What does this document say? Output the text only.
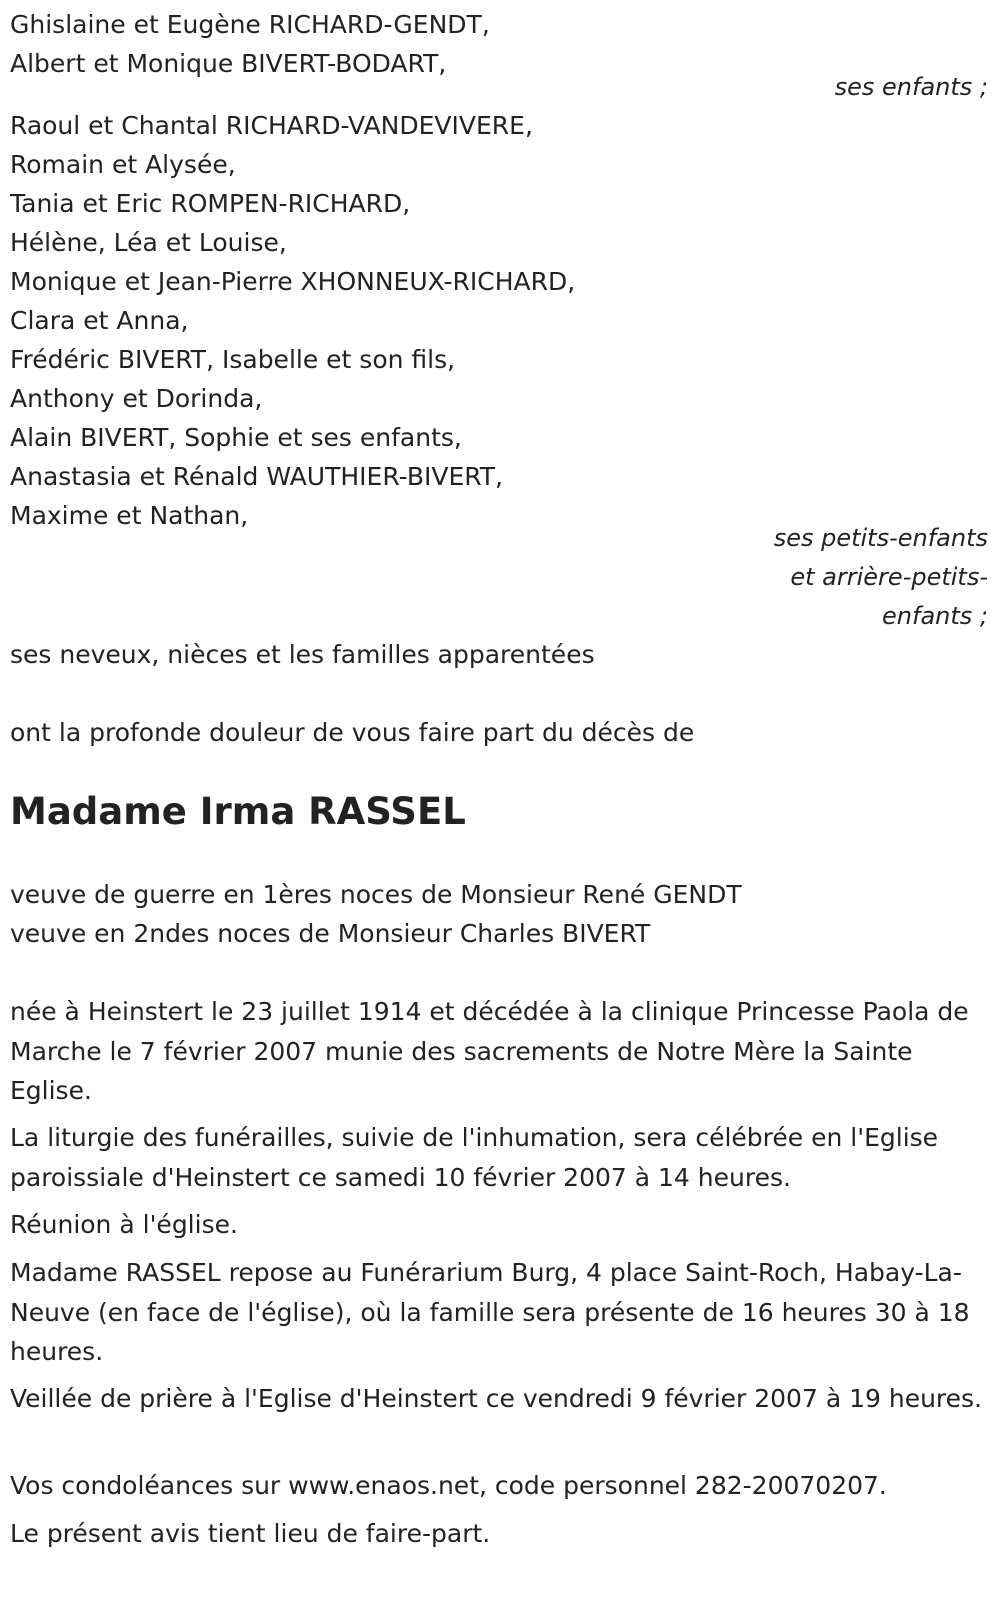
Ghislaine et Eugène RICHARD-GENDT,
Albert et Monique BIVERT-BODART,
ses enfants ;
Raoul et Chantal RICHARD-VANDEVIVERE,
Romain et Alysée,
Tania et Eric ROMPEN-RICHARD,
Hélène, Léa et Louise,
Monique et Jean-Pierre XHONNEUX-RICHARD,
Clara et Anna,
Frédéric BIVERT, Isabelle et son fils,
Anthony et Dorinda,
Alain BIVERT, Sophie et ses enfants,
Anastasia et Rénald WAUTHIER-BIVERT,
Maxime et Nathan,
ses petits-enfants
et arrière-petits-
enfants ;
ses neveux, nièces et les familles apparentées
ont la profonde douleur de vous faire part du décès de
Madame Irma RASSEL
veuve de guerre en 1ères noces de Monsieur René GENDT
veuve en 2ndes noces de Monsieur Charles BIVERT
née à Heinstert le 23 juillet 1914 et décédée à la clinique Princesse Paola de Marche le 7 février 2007 munie des sacrements de Notre Mère la Sainte Eglise.
La liturgie des funérailles, suivie de l'inhumation, sera célébrée en l'Eglise paroissiale d'Heinstert ce samedi 10 février 2007 à 14 heures.
Réunion à l'église.
Madame RASSEL repose au Funérarium Burg, 4 place Saint-Roch, Habay-La-Neuve (en face de l'église), où la famille sera présente de 16 heures 30 à 18 heures.
Veillée de prière à l'Eglise d'Heinstert ce vendredi 9 février 2007 à 19 heures.
Vos condoléances sur www.enaos.net, code personnel 282-20070207.
Le présent avis tient lieu de faire-part.
